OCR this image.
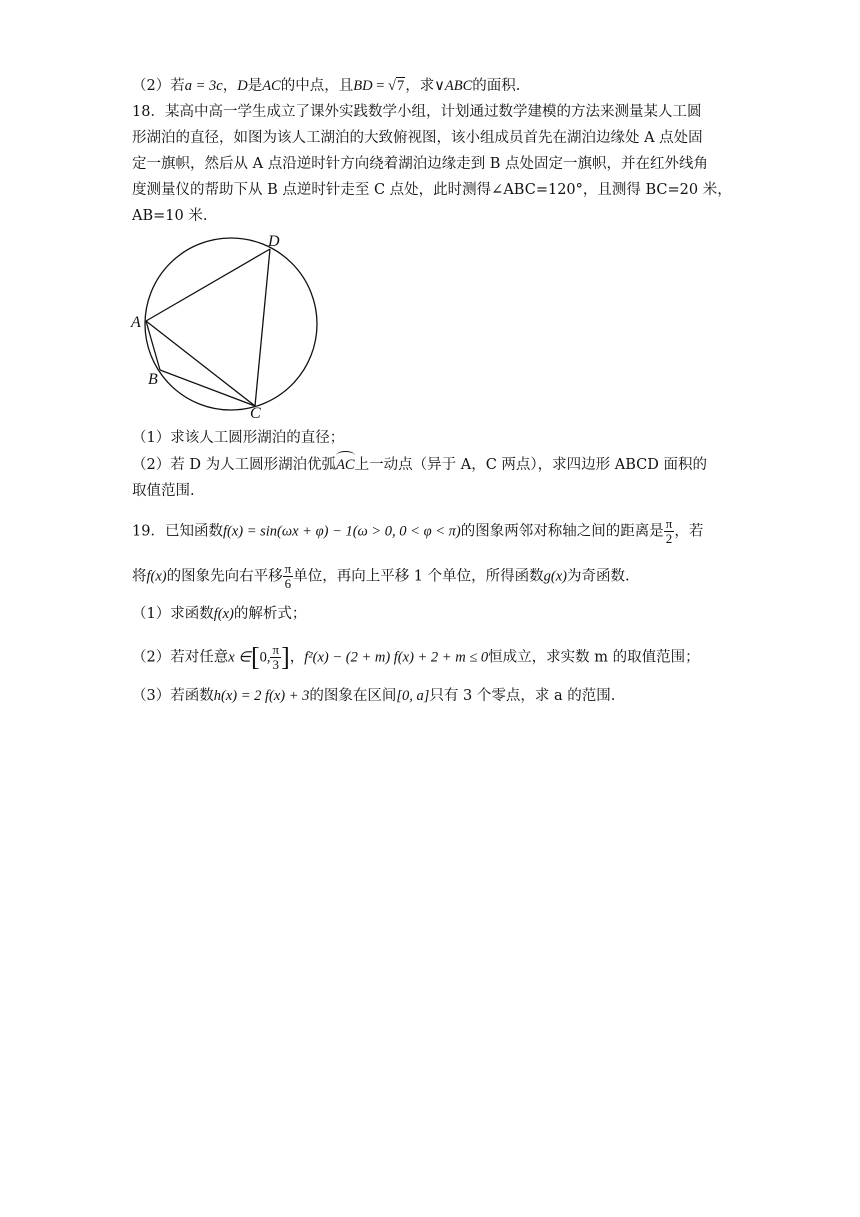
（2）若a = 3c，D是AC的中点，且BD = √7，求∨ABC的面积.
18．某高中高一学生成立了课外实践数学小组，计划通过数学建模的方法来测量某人工圆
形湖泊的直径，如图为该人工湖泊的大致俯视图，该小组成员首先在湖泊边缘处 A 点处固
定一旗帜，然后从 A 点沿逆时针方向绕着湖泊边缘走到 B 点处固定一旗帜，并在红外线角
度测量仪的帮助下从 B 点逆时针走至 C 点处，此时测得∠ABC=120°，且测得 BC=20 米，
AB=10 米.
D
A
B
C
（1）求该人工圆形湖泊的直径；
（2）若 D 为人工圆形湖泊优弧AC上一动点（异于 A，C 两点），求四边形 ABCD 面积的
取值范围.
19．已知函数f(x) = sin(ωx + φ) − 1(ω > 0, 0 < φ < π)的图象两邻对称轴之间的距离是 $\frac{\pi}{2}$ ，若
将f(x)的图象先向右平移 $\frac{\pi}{6}$ 单位，再向上平移 1 个单位，所得函数g(x)为奇函数.
（1）求函数f(x)的解析式；
（2）若对任意x ∈[0, $\frac{\pi}{3}$ ]，f²(x) − (2 + m) f(x) + 2 + m ≤ 0恒成立，求实数 m 的取值范围；
（3）若函数h(x) = 2 f(x) + 3的图象在区间[0, a]只有 3 个零点，求 a 的范围.
